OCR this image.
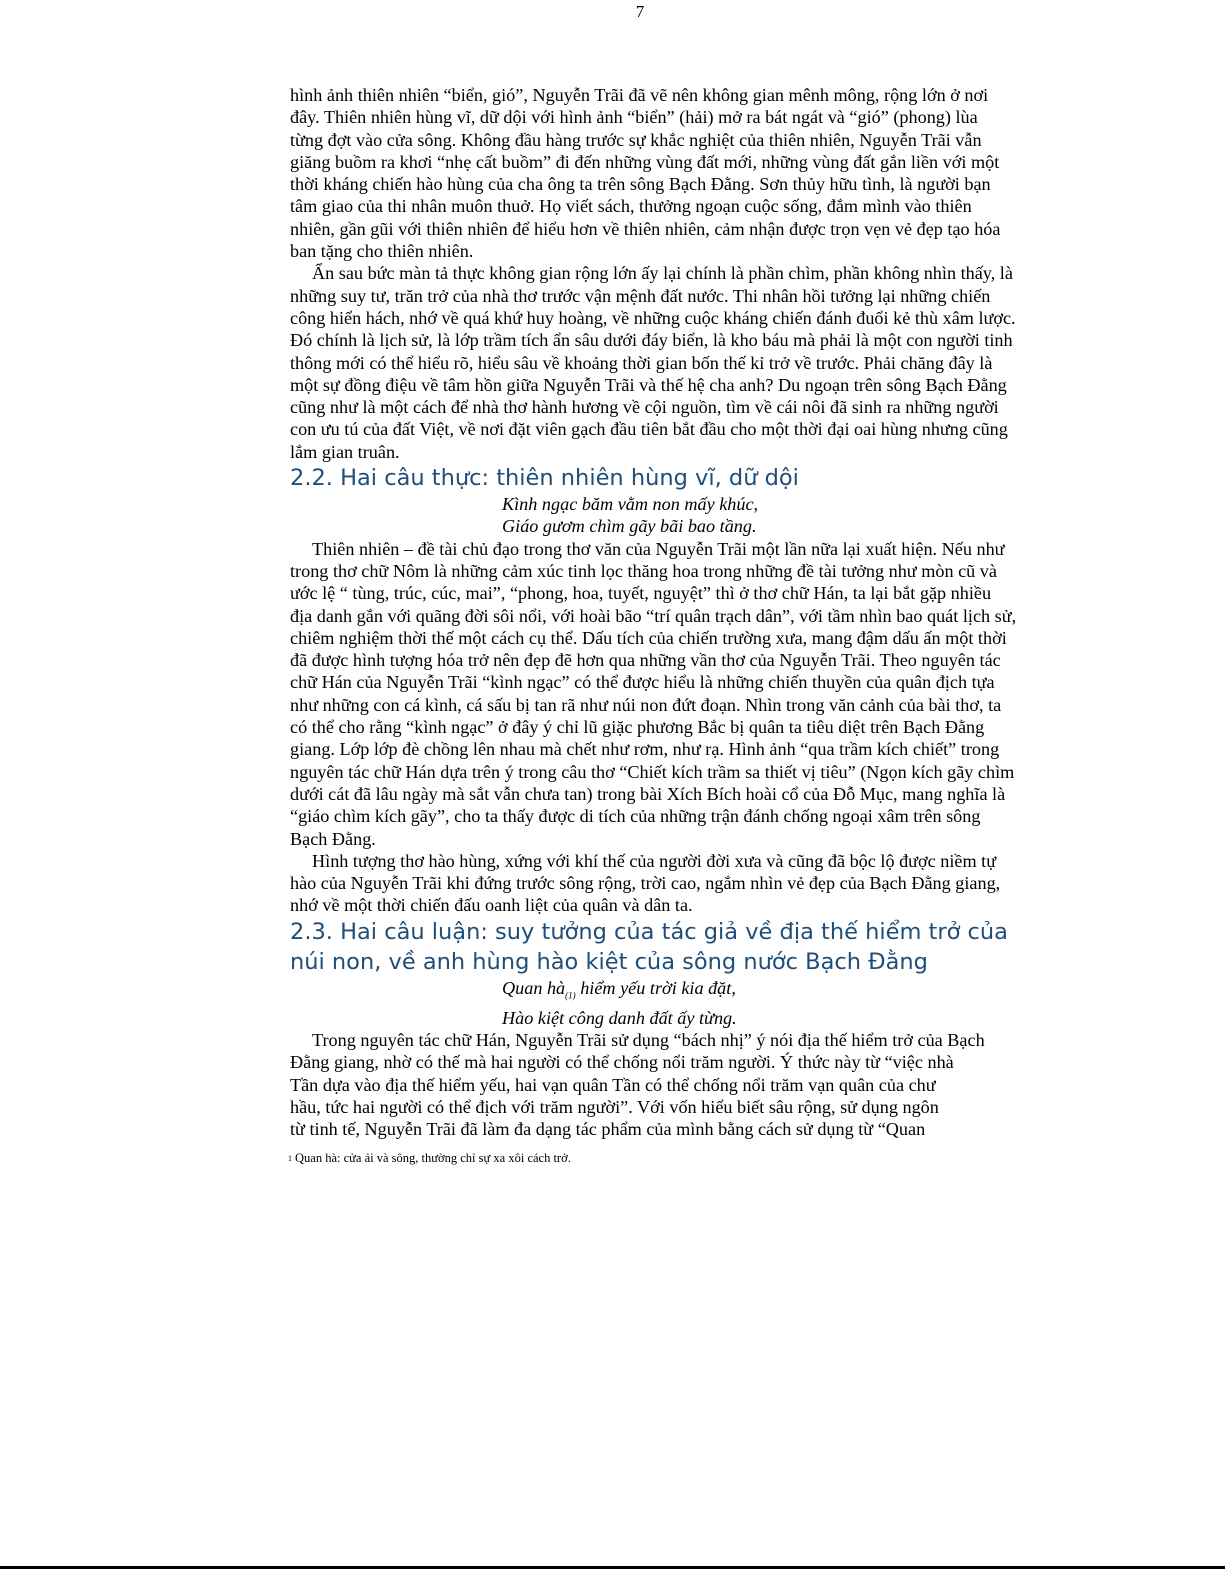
7
hình ảnh thiên nhiên “biển, gió”, Nguyễn Trãi đã vẽ nên không gian mênh mông, rộng lớn ở nơi
đây. Thiên nhiên hùng vĩ, dữ dội với hình ảnh “biển” (hải) mở ra bát ngát và “gió” (phong) lùa
từng đợt vào cửa sông. Không đầu hàng trước sự khắc nghiệt của thiên nhiên, Nguyễn Trãi vẫn
giăng buồm ra khơi “nhẹ cất buồm” đi đến những vùng đất mới, những vùng đất gắn liền với một
thời kháng chiến hào hùng của cha ông ta trên sông Bạch Đằng. Sơn thủy hữu tình, là người bạn
tâm giao của thi nhân muôn thuở. Họ viết sách, thưởng ngoạn cuộc sống, đắm mình vào thiên
nhiên, gần gũi với thiên nhiên để hiểu hơn về thiên nhiên, cảm nhận được trọn vẹn vẻ đẹp tạo hóa
ban tặng cho thiên nhiên.
Ẩn sau bức màn tả thực không gian rộng lớn ấy lại chính là phần chìm, phần không nhìn thấy, là
những suy tư, trăn trở của nhà thơ trước vận mệnh đất nước. Thi nhân hồi tưởng lại những chiến
công hiển hách, nhớ về quá khứ huy hoàng, về những cuộc kháng chiến đánh đuổi kẻ thù xâm lược.
Đó chính là lịch sử, là lớp trầm tích ẩn sâu dưới đáy biển, là kho báu mà phải là một con người tinh
thông mới có thể hiểu rõ, hiểu sâu về khoảng thời gian bốn thế kỉ trở về trước. Phải chăng đây là
một sự đồng điệu về tâm hồn giữa Nguyễn Trãi và thế hệ cha anh? Du ngoạn trên sông Bạch Đằng
cũng như là một cách để nhà thơ hành hương về cội nguồn, tìm về cái nôi đã sinh ra những người
con ưu tú của đất Việt, về nơi đặt viên gạch đầu tiên bắt đầu cho một thời đại oai hùng nhưng cũng
lắm gian truân.
2.2. Hai câu thực: thiên nhiên hùng vĩ, dữ dội
Kình ngạc băm vằm non mấy khúc,
Giáo gươm chìm gãy bãi bao tầng.
Thiên nhiên – đề tài chủ đạo trong thơ văn của Nguyễn Trãi một lần nữa lại xuất hiện. Nếu như
trong thơ chữ Nôm là những cảm xúc tinh lọc thăng hoa trong những đề tài tưởng như mòn cũ và
ước lệ “ tùng, trúc, cúc, mai”, “phong, hoa, tuyết, nguyệt” thì ở thơ chữ Hán, ta lại bắt gặp nhiều
địa danh gắn với quãng đời sôi nổi, với hoài bão “trí quân trạch dân”, với tầm nhìn bao quát lịch sử,
chiêm nghiệm thời thế một cách cụ thể. Dấu tích của chiến trường xưa, mang đậm dấu ấn một thời
đã được hình tượng hóa trở nên đẹp đẽ hơn qua những vần thơ của Nguyễn Trãi. Theo nguyên tác
chữ Hán của Nguyễn Trãi “kình ngạc” có thể được hiểu là những chiến thuyền của quân địch tựa
như những con cá kình, cá sấu bị tan rã như núi non đứt đoạn. Nhìn trong văn cảnh của bài thơ, ta
có thể cho rằng “kình ngạc” ở đây ý chỉ lũ giặc phương Bắc bị quân ta tiêu diệt trên Bạch Đằng
giang. Lớp lớp đè chồng lên nhau mà chết như rơm, như rạ. Hình ảnh “qua trầm kích chiết” trong
nguyên tác chữ Hán dựa trên ý trong câu thơ “Chiết kích trầm sa thiết vị tiêu” (Ngọn kích gãy chìm
dưới cát đã lâu ngày mà sắt vẫn chưa tan) trong bài Xích Bích hoài cổ của Đỗ Mục, mang nghĩa là
“giáo chìm kích gãy”, cho ta thấy được di tích của những trận đánh chống ngoại xâm trên sông
Bạch Đằng.
Hình tượng thơ hào hùng, xứng với khí thế của người đời xưa và cũng đã bộc lộ được niềm tự
hào của Nguyễn Trãi khi đứng trước sông rộng, trời cao, ngắm nhìn vẻ đẹp của Bạch Đằng giang,
nhớ về một thời chiến đấu oanh liệt của quân và dân ta.
2.3. Hai câu luận: suy tưởng của tác giả về địa thế hiểm trở của
núi non, về anh hùng hào kiệt của sông nước Bạch Đằng
Quan $hà_{(1)}$ hiểm yếu trời kia đặt,
Hào kiệt công danh đất ấy từng.
Trong nguyên tác chữ Hán, Nguyễn Trãi sử dụng “bách nhị” ý nói địa thế hiểm trở của Bạch
Đằng giang, nhờ có thế mà hai người có thể chống nổi trăm người. Ý thức này từ “việc nhà
Tần dựa vào địa thế hiểm yếu, hai vạn quân Tần có thể chống nổi trăm vạn quân của chư
hầu, tức hai người có thể địch với trăm người”. Với vốn hiểu biết sâu rộng, sử dụng ngôn
từ tinh tế, Nguyễn Trãi đã làm đa dạng tác phẩm của mình bằng cách sử dụng từ “Quan
1 Quan hà: cửa ải và sông, thường chỉ sự xa xôi cách trở.
